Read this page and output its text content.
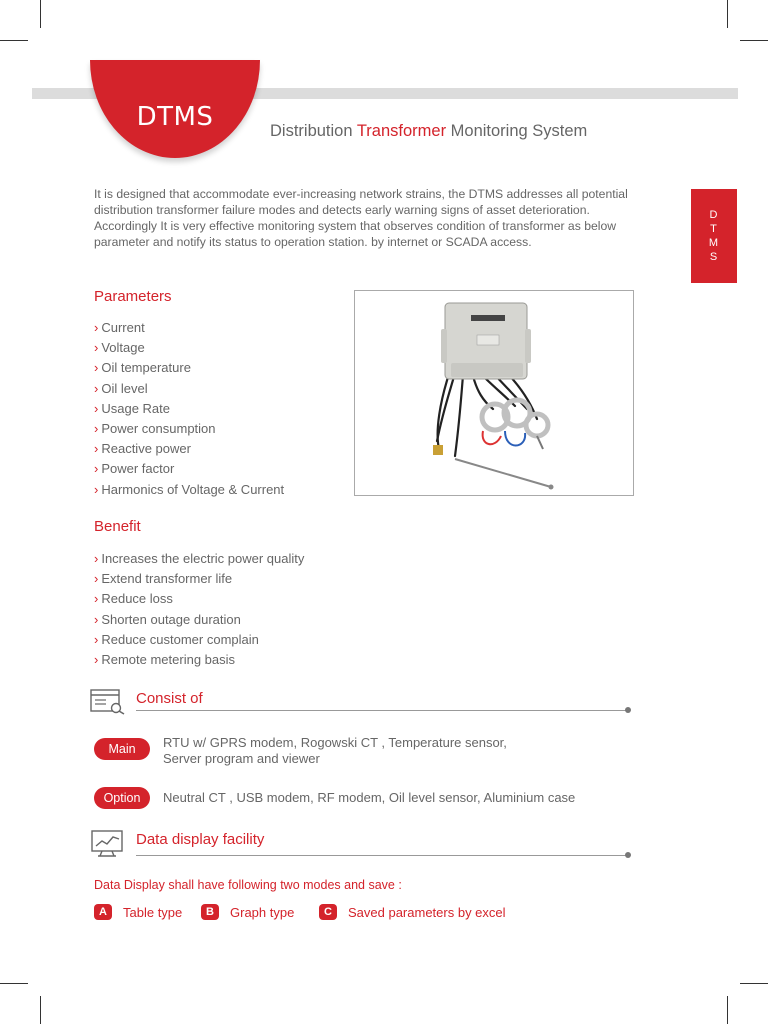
DTMS	Distribution Transformer Monitoring System
D
T
M
S
It is designed that accommodate ever-increasing network strains, the DTMS addresses all potential distribution transformer failure modes and detects early warning signs of asset deterioration. Accordingly It is very effective monitoring system that observes condition of transformer as below parameter and notify its status to operation station. by internet or SCADA access.
Parameters
› Current
› Voltage
› Oil temperature
› Oil level
› Usage Rate
› Power consumption
› Reactive power
› Power factor
› Harmonics of Voltage & Current
Benefit
› Increases the electric power quality
› Extend transformer life
› Reduce loss
› Shorten outage duration
› Reduce customer complain
› Remote metering basis
Consist of
Main	RTU w/ GPRS modem, Rogowski CT , Temperature sensor,
Server program and viewer
Option	Neutral CT , USB modem, RF modem, Oil level sensor, Aluminium case
Data display facility
Data Display shall have following two modes and save :
A	Table type	B	Graph type	C	Saved parameters by excel
